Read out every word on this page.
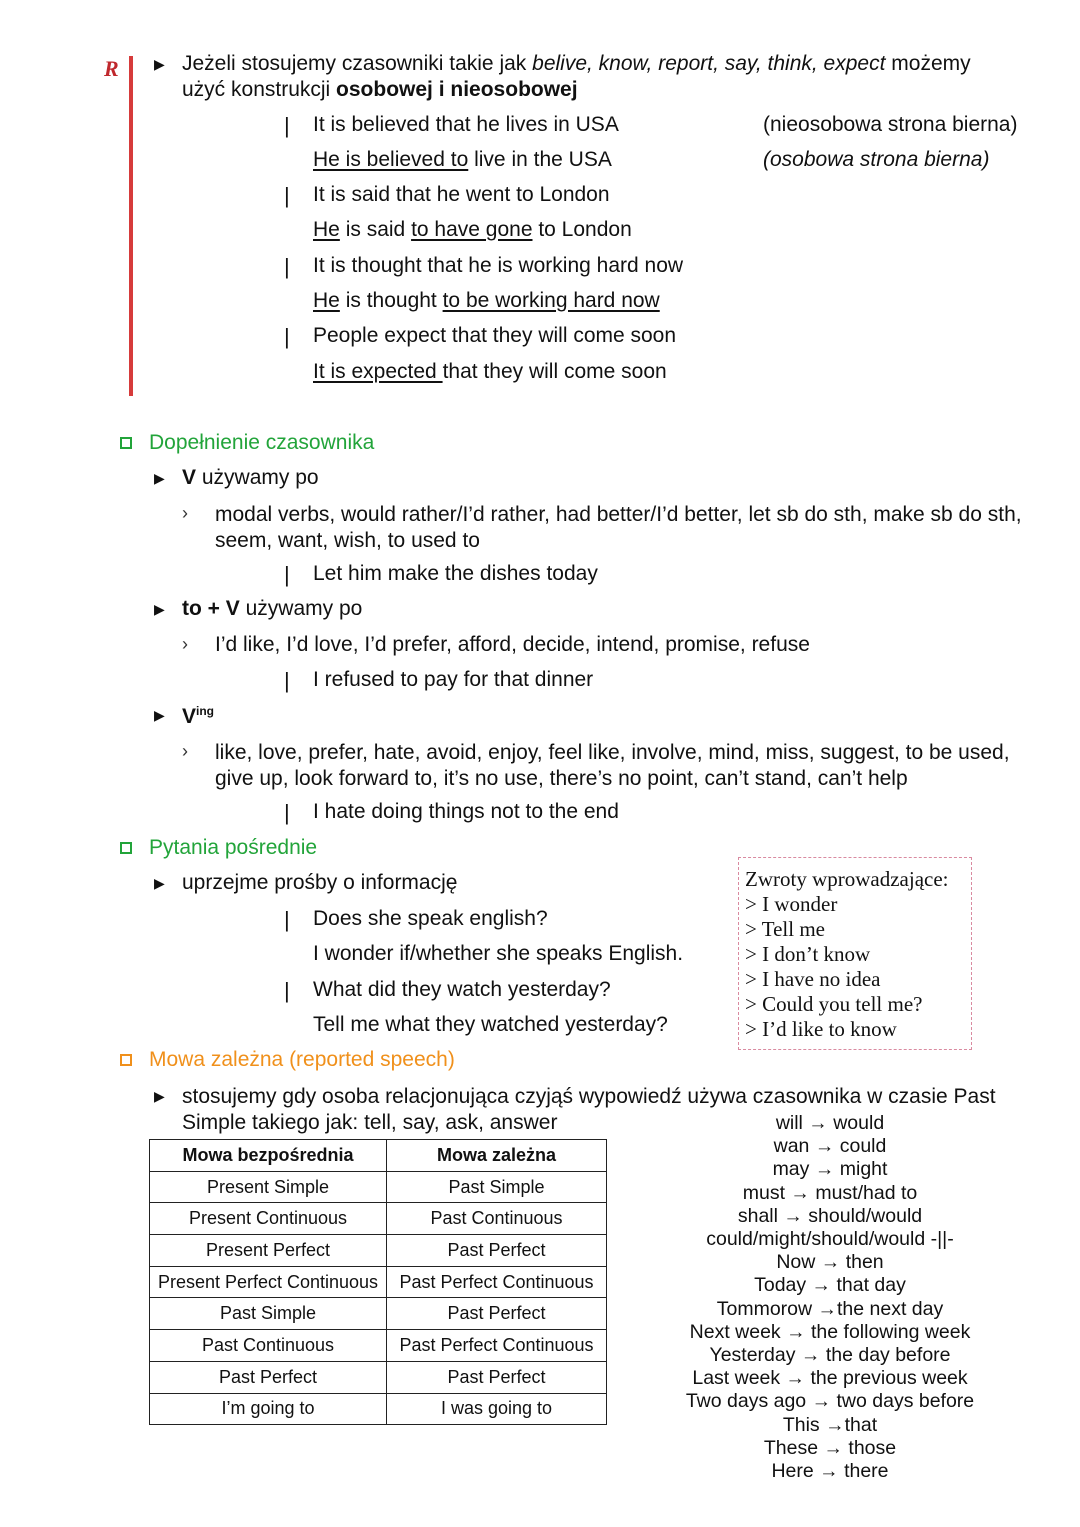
R	▶ Jeżeli stosujemy czasowniki takie jak belive, know, report, say, think, expect możemy
użyć konstrukcji osobowej i nieosobowej
| It is believed that he lives in USA	(nieosobowa strona bierna)
He is believed to live in the USA	(osobowa strona bierna)
| It is said that he went to London
He is said to have gone to London
| It is thought that he is working hard now
He is thought to be working hard now
| People expect that they will come soon
It is expected that they will come soon
Dopełnienie czasownika
▶ V używamy po
› modal verbs, would rather/I’d rather, had better/I’d better, let sb do sth, make sb do sth, seem, want, wish, to used to
| Let him make the dishes today
▶ to + V używamy po
› I’d like, I’d love, I’d prefer, afford, decide, intend, promise, refuse
| I refused to pay for that dinner
▶ $V^{ing}$
› like, love, prefer, hate, avoid, enjoy, feel like, involve, mind, miss, suggest, to be used, give up, look forward to, it’s no use, there’s no point, can’t stand, can’t help
| I hate doing things not to the end
Pytania pośrednie
▶ uprzejme prośby o informację
| Does she speak english?
I wonder if/whether she speaks English.
| What did they watch yesterday?
Tell me what they watched yesterday?
Zwroty wprowadzające:
> I wonder
> Tell me
> I don’t know
> I have no idea
> Could you tell me?
> I’d like to know
Mowa zależna (reported speech)
▶ stosujemy gdy osoba relacjonująca czyjąś wypowiedź używa czasownika w czasie Past Simple takiego jak: tell, say, ask, answer
Mowa bezpośrednia	Mowa zależna
Present Simple	Past Simple
Present Continuous	Past Continuous
Present Perfect	Past Perfect
Present Perfect Continuous	Past Perfect Continuous
Past Simple	Past Perfect
Past Continuous	Past Perfect Continuous
Past Perfect	Past Perfect
I’m going to	I was going to
will → would
wan → could
may → might
must → must/had to
shall → should/would
could/might/should/would -||-
Now → then
Today → that day
Tommorow →the next day
Next week → the following week
Yesterday → the day before
Last week → the previous week
Two days ago → two days before
This →that
These → those
Here → there
